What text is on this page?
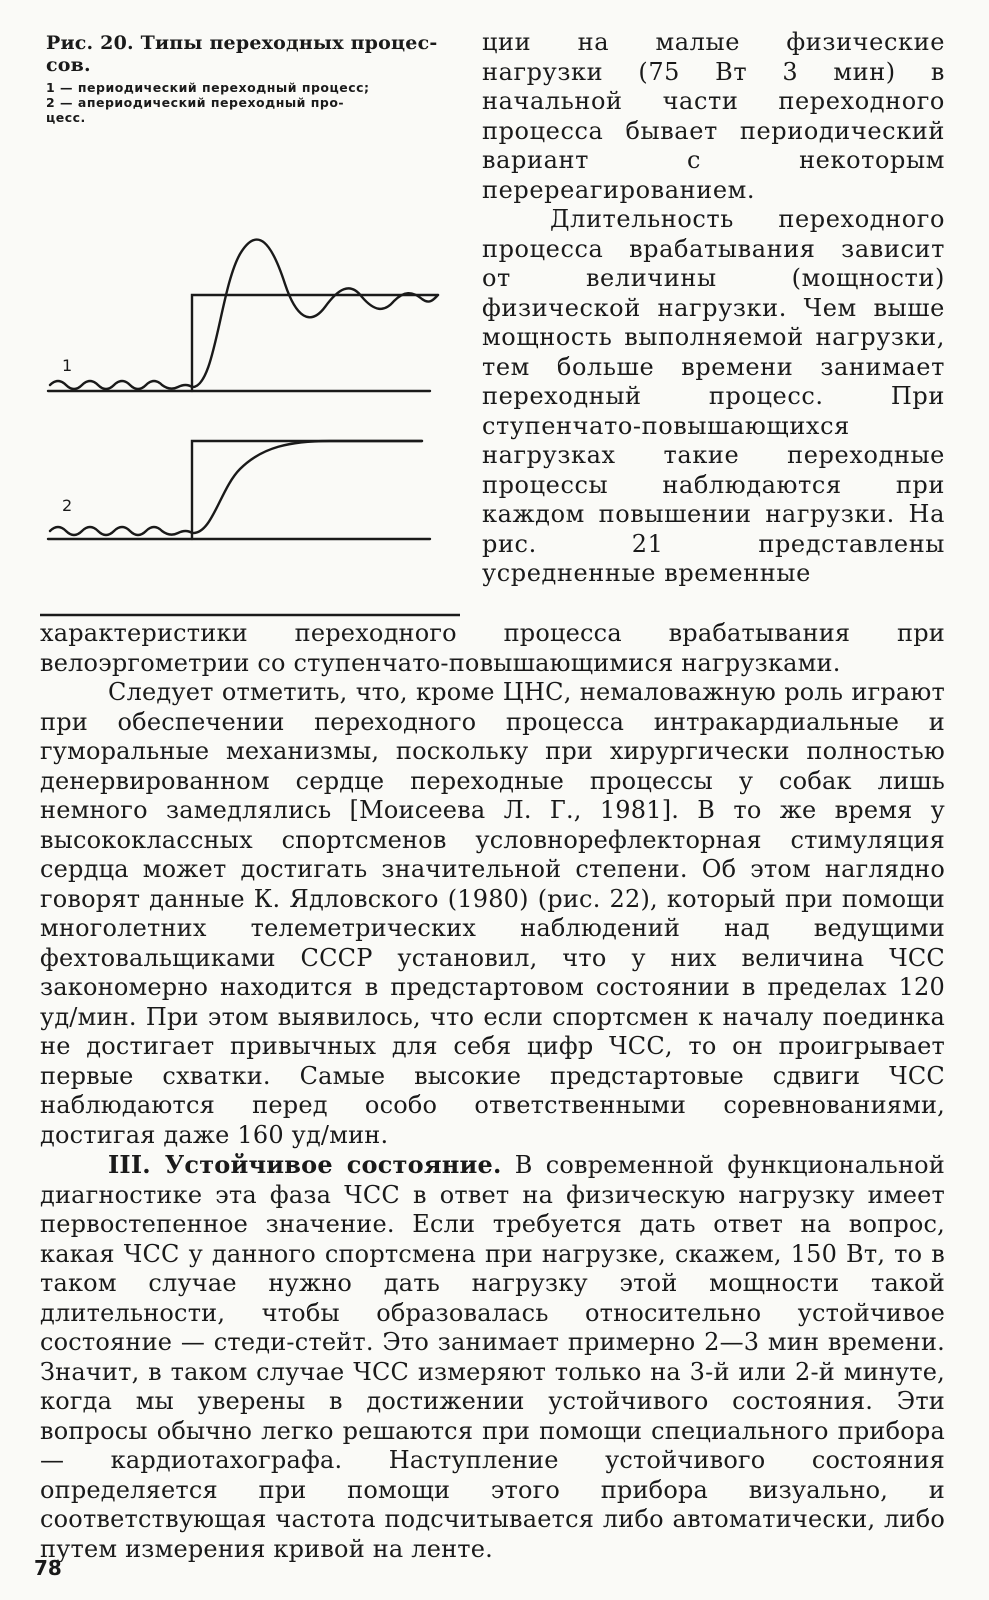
Рис. 20. Типы переходных процес-
сов.
1 — периодический переходный процесс;
2 — апериодический переходный про-
цесс.
1
2

ции на малые физические нагрузки (75 Вт 3 мин) в начальной части переходного процесса бывает периодический вариант с некоторым перереагированием.

Длительность переходного процесса врабатывания зависит от величины (мощности) физической нагрузки. Чем выше мощность выполняемой нагрузки, тем больше времени занимает переходный процесс. При ступенчато-повышающихся нагрузках такие переходные процессы наблюдаются при каждом повышении нагрузки. На рис. 21 представлены усредненные временные

характеристики переходного процесса врабатывания при велоэргометрии со ступенчато-повышающимися нагрузками.

Следует отметить, что, кроме ЦНС, немаловажную роль играют при обеспечении переходного процесса интракардиальные и гуморальные механизмы, поскольку при хирургически полностью денервированном сердце переходные процессы у собак лишь немного замедлялись [Моисеева Л. Г., 1981]. В то же время у высококлассных спортсменов условнорефлекторная стимуляция сердца может достигать значительной степени. Об этом наглядно говорят данные К. Ядловского (1980) (рис. 22), который при помощи многолетних телеметрических наблюдений над ведущими фехтовальщиками СССР установил, что у них величина ЧСС закономерно находится в предстартовом состоянии в пределах 120 уд/мин. При этом выявилось, что если спортсмен к началу поединка не достигает привычных для себя цифр ЧСС, то он проигрывает первые схватки. Самые высокие предстартовые сдвиги ЧСС наблюдаются перед особо ответственными соревнованиями, достигая даже 160 уд/мин.

III. Устойчивое состояние. В современной функциональной диагностике эта фаза ЧСС в ответ на физическую нагрузку имеет первостепенное значение. Если требуется дать ответ на вопрос, какая ЧСС у данного спортсмена при нагрузке, скажем, 150 Вт, то в таком случае нужно дать нагрузку этой мощности такой длительности, чтобы образовалась относительно устойчивое состояние — стеди-стейт. Это занимает примерно 2—3 мин времени. Значит, в таком случае ЧСС измеряют только на 3-й или 2-й минуте, когда мы уверены в достижении устойчивого состояния. Эти вопросы обычно легко решаются при помощи специального прибора — кардиотахографа. Наступление устойчивого состояния определяется при помощи этого прибора визуально, и соответствующая частота подсчитывается либо автоматически, либо путем измерения кривой на ленте.

78
